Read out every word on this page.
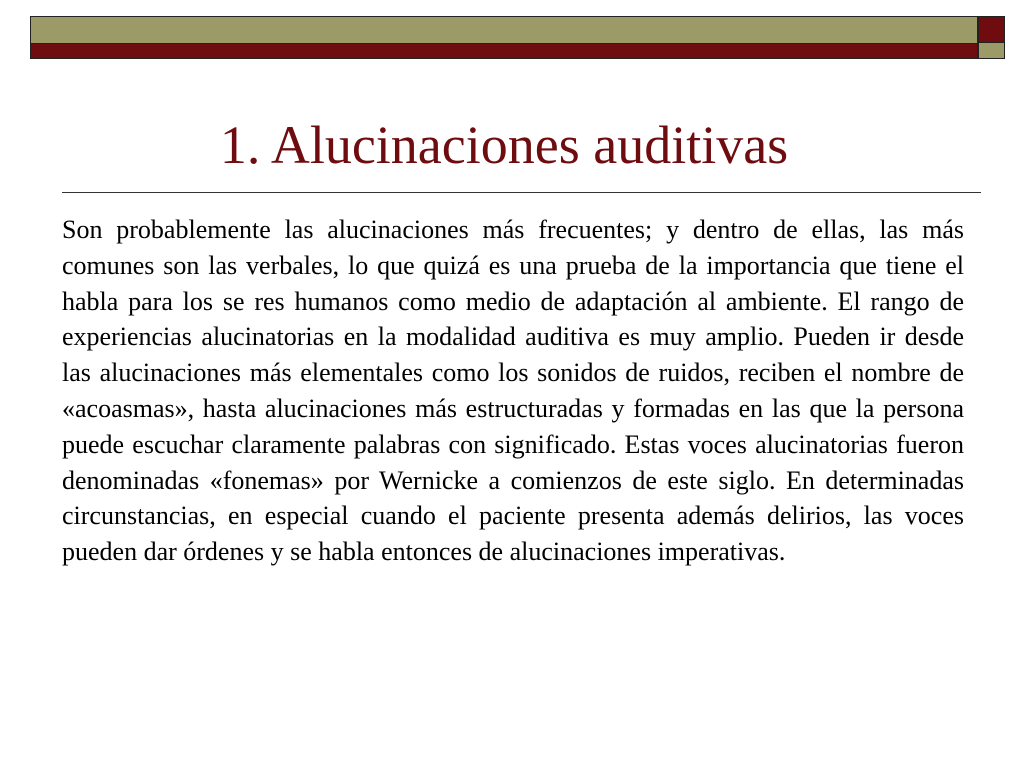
1. Alucinaciones auditivas

Son probablemente las alucinaciones más frecuentes; y dentro de ellas, las más comunes son las verbales, lo que quizá es una prueba de la importancia que tiene el habla para los se res humanos como medio de adaptación al ambiente. El rango de experiencias alucinatorias en la modalidad auditiva es muy amplio. Pueden ir desde las alucinaciones más elementales como los sonidos de ruidos, reciben el nombre de «acoasmas», hasta alucinaciones más estructuradas y formadas en las que la persona puede escuchar claramente palabras con significado. Estas voces alucinatorias fueron denominadas «fonemas» por Wernicke a comienzos de este siglo. En determinadas circunstancias, en especial cuando el paciente presenta además delirios, las voces pueden dar órdenes y se habla entonces de alucinaciones imperativas.
